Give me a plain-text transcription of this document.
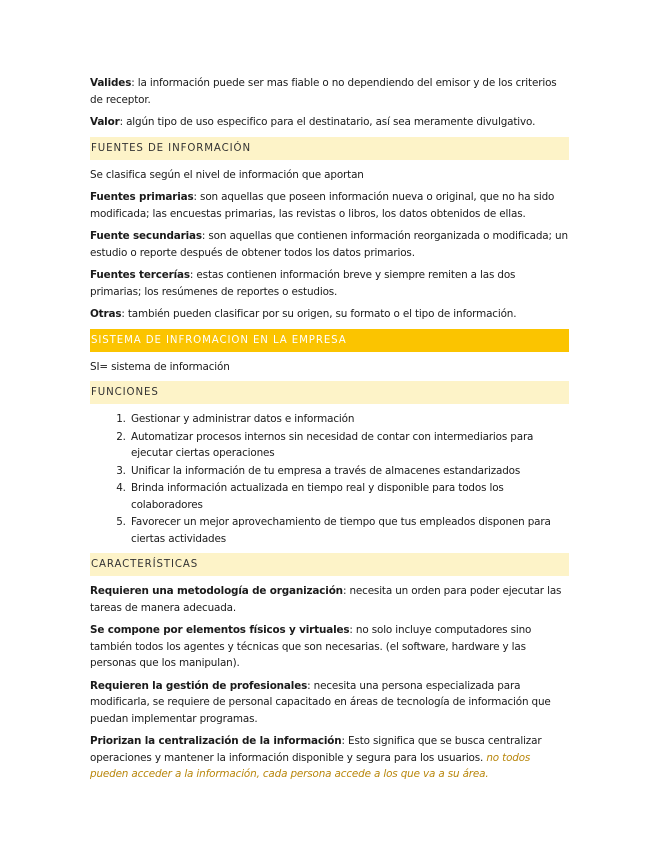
Valides: la información puede ser mas fiable o no dependiendo del emisor y de los criterios de receptor.

Valor: algún tipo de uso especifico para el destinatario, así sea meramente divulgativo.

FUENTES DE INFORMACIÓN

Se clasifica según el nivel de información que aportan

Fuentes primarias: son aquellas que poseen información nueva o original, que no ha sido modificada; las encuestas primarias, las revistas o libros, los datos obtenidos de ellas.

Fuente secundarias: son aquellas que contienen información reorganizada o modificada; un estudio o reporte después de obtener todos los datos primarios.

Fuentes tercerías: estas contienen información breve y siempre remiten a las dos primarias; los resúmenes de reportes o estudios.

Otras: también pueden clasificar por su origen, su formato o el tipo de información.

SISTEMA DE INFROMACION EN LA EMPRESA

SI= sistema de información

FUNCIONES
1. Gestionar y administrar datos e información
2. Automatizar procesos internos sin necesidad de contar con intermediarios para ejecutar ciertas operaciones
3. Unificar la información de tu empresa a través de almacenes estandarizados
4. Brinda información actualizada en tiempo real y disponible para todos los colaboradores
5. Favorecer un mejor aprovechamiento de tiempo que tus empleados disponen para ciertas actividades
CARACTERÍSTICAS

Requieren una metodología de organización: necesita un orden para poder ejecutar las tareas de manera adecuada.

Se compone por elementos físicos y virtuales: no solo incluye computadores sino también todos los agentes y técnicas que son necesarias. (el software, hardware y las personas que los manipulan).

Requieren la gestión de profesionales: necesita una persona especializada para modificarla, se requiere de personal capacitado en áreas de tecnología de información que puedan implementar programas.

Priorizan la centralización de la información: Esto significa que se busca centralizar operaciones y mantener la información disponible y segura para los usuarios. no todos pueden acceder a la información, cada persona accede a los que va a su área.
